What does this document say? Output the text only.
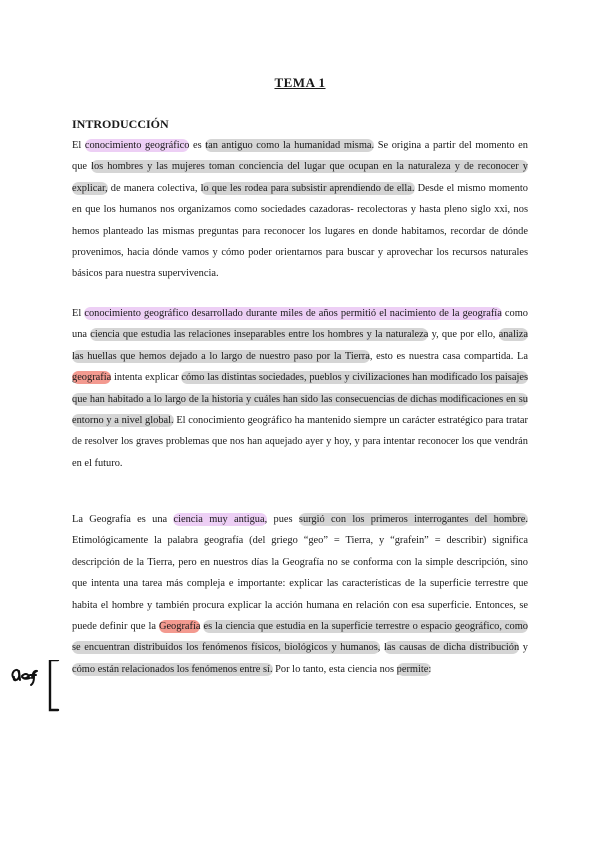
TEMA 1
INTRODUCCIÓN
El conocimiento geográfico es tan antiguo como la humanidad misma. Se origina a partir del momento en que los hombres y las mujeres toman conciencia del lugar que ocupan en la naturaleza y de reconocer y explicar, de manera colectiva, lo que les rodea para subsistir aprendiendo de ella. Desde el mismo momento en que los humanos nos organizamos como sociedades cazadoras- recolectoras y hasta pleno siglo xxi, nos hemos planteado las mismas preguntas para reconocer los lugares en donde habitamos, recordar de dónde provenimos, hacia dónde vamos y cómo poder orientarnos para buscar y aprovechar los recursos naturales básicos para nuestra supervivencia.
El conocimiento geográfico desarrollado durante miles de años permitió el nacimiento de la geografía como una ciencia que estudia las relaciones inseparables entre los hombres y la naturaleza y, que por ello, analiza las huellas que hemos dejado a lo largo de nuestro paso por la Tierra, esto es nuestra casa compartida. La geografía intenta explicar cómo las distintas sociedades, pueblos y civilizaciones han modificado los paisajes que han habitado a lo largo de la historia y cuáles han sido las consecuencias de dichas modificaciones en su entorno y a nivel global. El conocimiento geográfico ha mantenido siempre un carácter estratégico para tratar de resolver los graves problemas que nos han aquejado ayer y hoy, y para intentar reconocer los que vendrán en el futuro.
La Geografía es una ciencia muy antigua, pues surgió con los primeros interrogantes del hombre. Etimológicamente la palabra geografía (del griego “geo” = Tierra, y “grafein” = describir) significa descripción de la Tierra, pero en nuestros días la Geografía no se conforma con la simple descripción, sino que intenta una tarea más compleja e importante: explicar las características de la superficie terrestre que habita el hombre y también procura explicar la acción humana en relación con esa superficie. Entonces, se puede definir que la Geografía es la ciencia que estudia en la superficie terrestre o espacio geográfico, como se encuentran distribuidos los fenómenos físicos, biológicos y humanos, las causas de dicha distribución y cómo están relacionados los fenómenos entre sí. Por lo tanto, esta ciencia nos permite:
